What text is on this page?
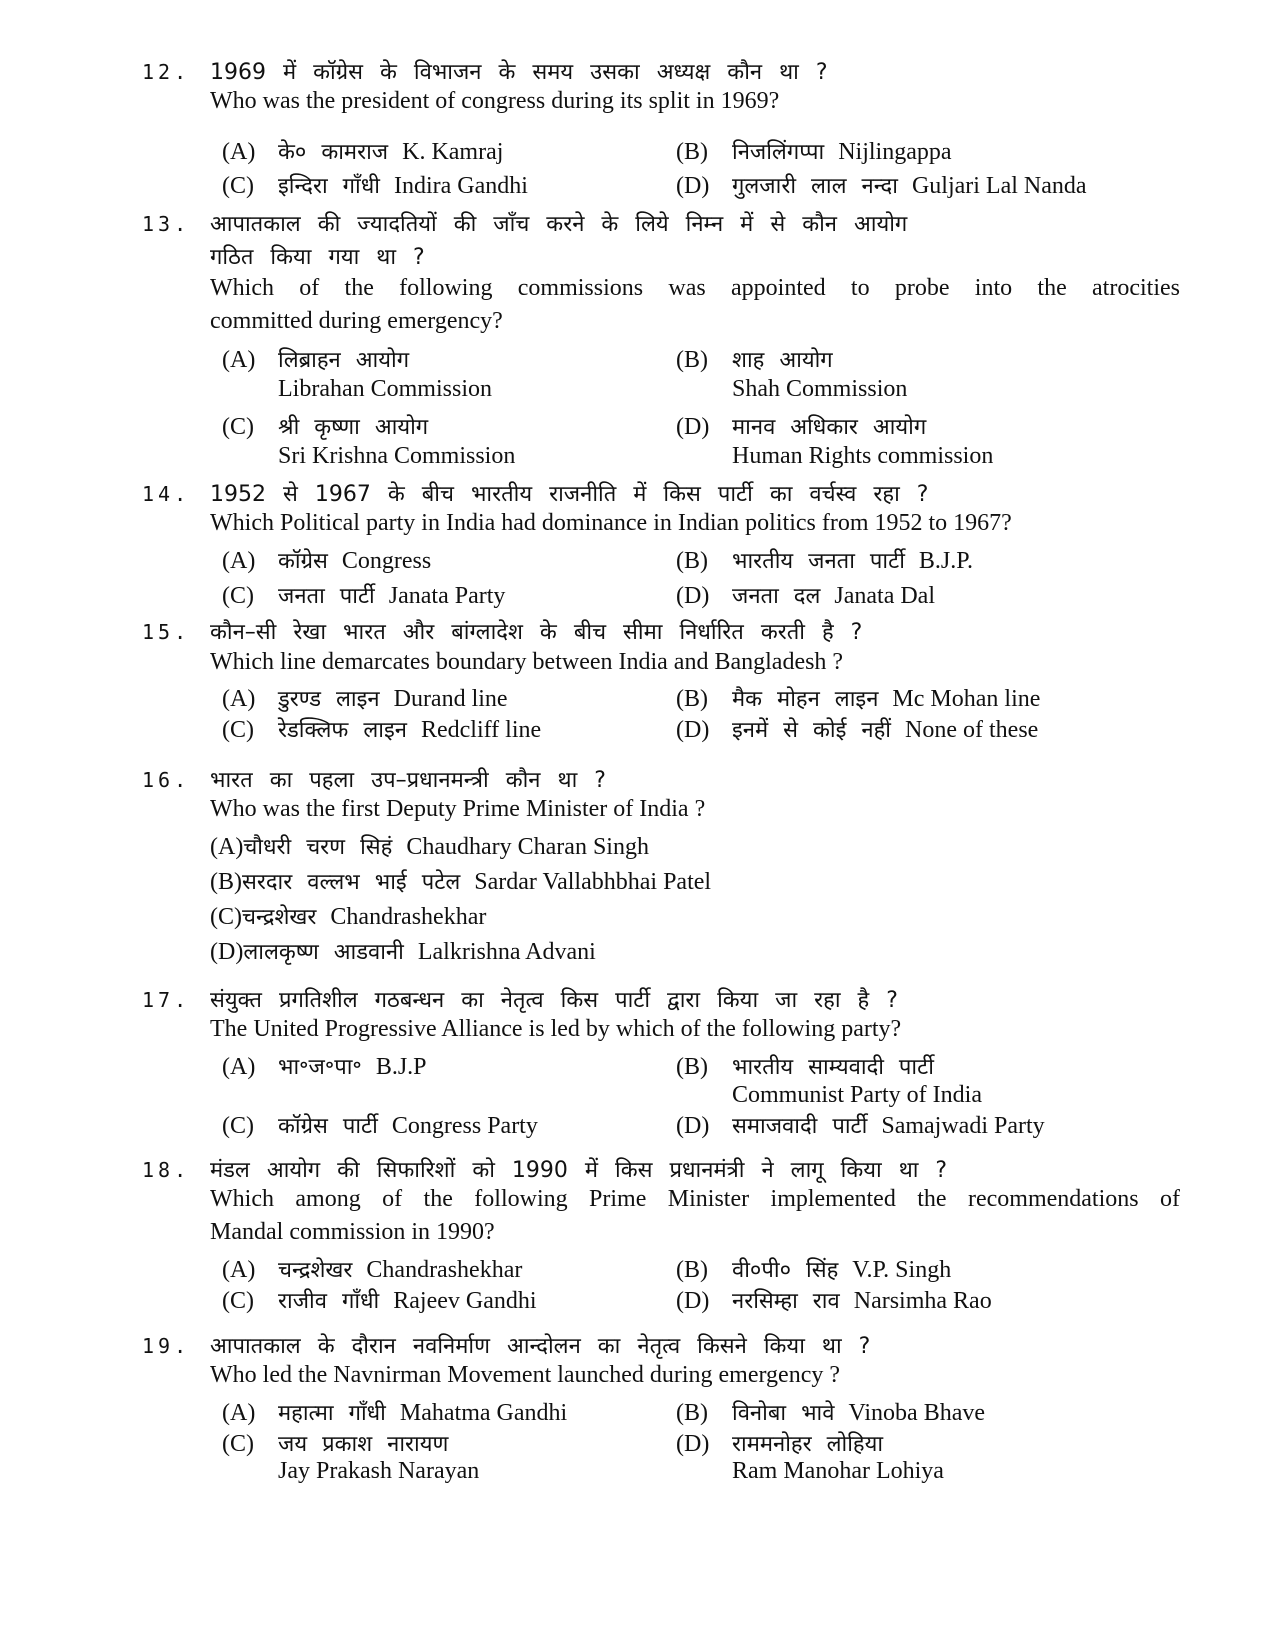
12. 1969 में कॉग्रेस के विभाजन के समय उसका अध्यक्ष कौन था ?
Who was the president of congress during its split in 1969?
(A) के० कामराज K. Kamraj	(B) निजलिंगप्पा Nijlingappa
(C) इन्दिरा गाँधी Indira Gandhi	(D) गुलजारी लाल नन्दा Guljari Lal Nanda
13. आपातकाल की ज्यादतियों की जाँच करने के लिये निम्न में से कौन आयोग
गठित किया गया था ?
Which of the following commissions was appointed to probe into the atrocities
committed during emergency?
(A) लिब्राहन आयोग
Librahan Commission
(B) शाह आयोग
Shah Commission
(C) श्री कृष्णा आयोग
Sri Krishna Commission
(D) मानव अधिकार आयोग
Human Rights commission
14. 1952 से 1967 के बीच भारतीय राजनीति में किस पार्टी का वर्चस्व रहा ?
Which Political party in India had dominance in Indian politics from 1952 to 1967?
(A) कॉग्रेस Congress	(B) भारतीय जनता पार्टी B.J.P.
(C) जनता पार्टी Janata Party	(D) जनता दल Janata Dal
15. कौन–सी रेखा भारत और बांग्लादेश के बीच सीमा निर्धारित करती है ?
Which line demarcates boundary between India and Bangladesh ?
(A) डुरण्ड लाइन Durand line	(B) मैक मोहन लाइन Mc Mohan line
(C) रेडक्लिफ लाइन Redcliff line	(D) इनमें से कोई नहीं None of these
16. भारत का पहला उप–प्रधानमन्त्री कौन था ?
Who was the first Deputy Prime Minister of India ?
(A)चौधरी चरण सिहं Chaudhary Charan Singh
(B)सरदार वल्लभ भाई पटेल Sardar Vallabhbhai Patel
(C)चन्द्रशेखर Chandrashekhar
(D)लालकृष्ण आडवानी Lalkrishna Advani
17. संयुक्त प्रगतिशील गठबन्धन का नेतृत्व किस पार्टी द्वारा किया जा रहा है ?
The United Progressive Alliance is led by which of the following party?
(A) भा॰ज॰पा॰ B.J.P	(B) भारतीय साम्यवादी पार्टी
Communist Party of India
(C) कॉग्रेस पार्टी Congress Party	(D) समाजवादी पार्टी Samajwadi Party
18. मंडल आयोग की सिफारिशों को 1990 में किस प्रधानमंत्री ने लागू किया था ?
Which among of the following Prime Minister implemented the recommendations of
Mandal commission in 1990?
(A) चन्द्रशेखर Chandrashekhar	(B) वी०पी० सिंह V.P. Singh
(C) राजीव गाँधी Rajeev Gandhi	(D) नरसिम्हा राव Narsimha Rao
19. आपातकाल के दौरान नवनिर्माण आन्दोलन का नेतृत्व किसने किया था ?
Who led the Navnirman Movement launched during emergency ?
(A) महात्मा गाँधी Mahatma Gandhi	(B) विनोबा भावे Vinoba Bhave
(C) जय प्रकाश नारायण
Jay Prakash Narayan
(D) राममनोहर लोहिया
Ram Manohar Lohiya
